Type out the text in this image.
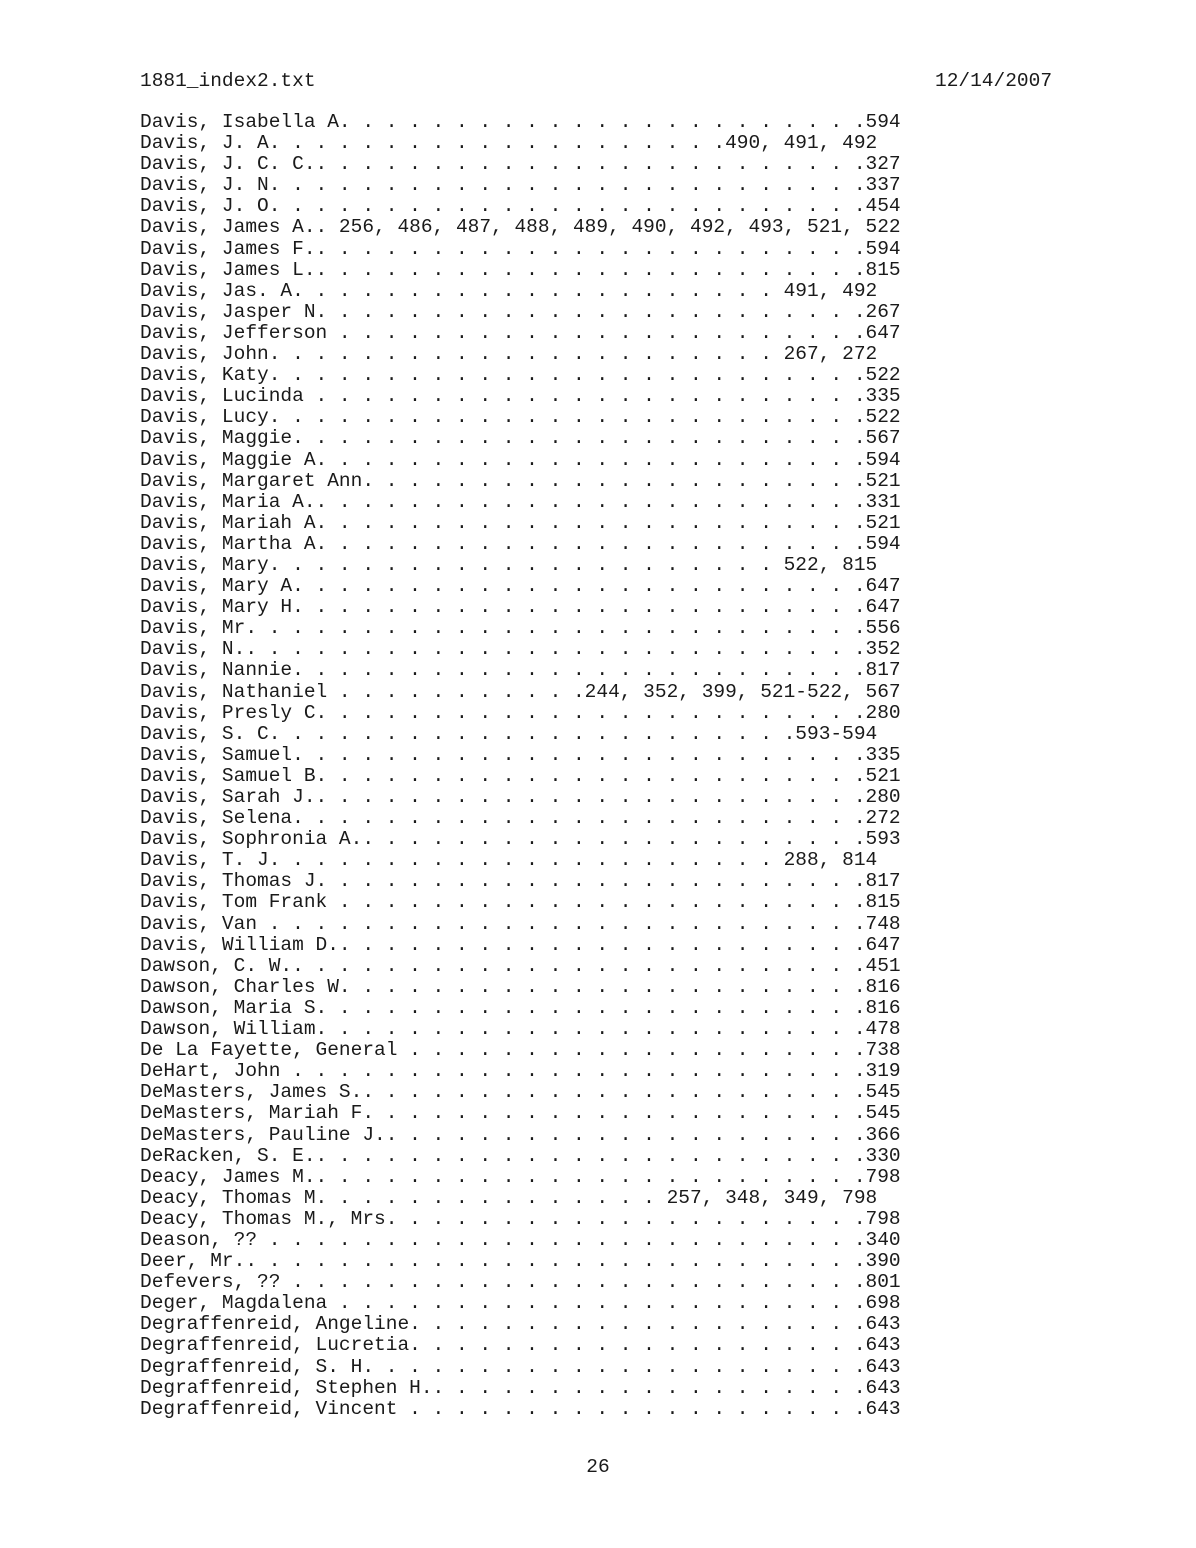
1881_index2.txt	12/14/2007
Davis, Isabella A. . . . . . . . . . . . . . . . . . . . . . .594
Davis, J. A. . . . . . . . . . . . . . . . . . . .490, 491, 492
Davis, J. C. C.. . . . . . . . . . . . . . . . . . . . . . . .327
Davis, J. N. . . . . . . . . . . . . . . . . . . . . . . . . .337
Davis, J. O. . . . . . . . . . . . . . . . . . . . . . . . . .454
Davis, James A.. 256, 486, 487, 488, 489, 490, 492, 493, 521, 522
Davis, James F.. . . . . . . . . . . . . . . . . . . . . . . .594
Davis, James L.. . . . . . . . . . . . . . . . . . . . . . . .815
Davis, Jas. A. . . . . . . . . . . . . . . . . . . . . 491, 492
Davis, Jasper N. . . . . . . . . . . . . . . . . . . . . . . .267
Davis, Jefferson . . . . . . . . . . . . . . . . . . . . . . .647
Davis, John. . . . . . . . . . . . . . . . . . . . . . 267, 272
Davis, Katy. . . . . . . . . . . . . . . . . . . . . . . . . .522
Davis, Lucinda . . . . . . . . . . . . . . . . . . . . . . . .335
Davis, Lucy. . . . . . . . . . . . . . . . . . . . . . . . . .522
Davis, Maggie. . . . . . . . . . . . . . . . . . . . . . . . .567
Davis, Maggie A. . . . . . . . . . . . . . . . . . . . . . . .594
Davis, Margaret Ann. . . . . . . . . . . . . . . . . . . . . .521
Davis, Maria A.. . . . . . . . . . . . . . . . . . . . . . . .331
Davis, Mariah A. . . . . . . . . . . . . . . . . . . . . . . .521
Davis, Martha A. . . . . . . . . . . . . . . . . . . . . . . .594
Davis, Mary. . . . . . . . . . . . . . . . . . . . . . 522, 815
Davis, Mary A. . . . . . . . . . . . . . . . . . . . . . . . .647
Davis, Mary H. . . . . . . . . . . . . . . . . . . . . . . . .647
Davis, Mr. . . . . . . . . . . . . . . . . . . . . . . . . . .556
Davis, N.. . . . . . . . . . . . . . . . . . . . . . . . . . .352
Davis, Nannie. . . . . . . . . . . . . . . . . . . . . . . . .817
Davis, Nathaniel . . . . . . . . . . .244, 352, 399, 521-522, 567
Davis, Presly C. . . . . . . . . . . . . . . . . . . . . . . .280
Davis, S. C. . . . . . . . . . . . . . . . . . . . . . .593-594
Davis, Samuel. . . . . . . . . . . . . . . . . . . . . . . . .335
Davis, Samuel B. . . . . . . . . . . . . . . . . . . . . . . .521
Davis, Sarah J.. . . . . . . . . . . . . . . . . . . . . . . .280
Davis, Selena. . . . . . . . . . . . . . . . . . . . . . . . .272
Davis, Sophronia A.. . . . . . . . . . . . . . . . . . . . . .593
Davis, T. J. . . . . . . . . . . . . . . . . . . . . . 288, 814
Davis, Thomas J. . . . . . . . . . . . . . . . . . . . . . . .817
Davis, Tom Frank . . . . . . . . . . . . . . . . . . . . . . .815
Davis, Van . . . . . . . . . . . . . . . . . . . . . . . . . .748
Davis, William D.. . . . . . . . . . . . . . . . . . . . . . .647
Dawson, C. W.. . . . . . . . . . . . . . . . . . . . . . . . .451
Dawson, Charles W. . . . . . . . . . . . . . . . . . . . . . .816
Dawson, Maria S. . . . . . . . . . . . . . . . . . . . . . . .816
Dawson, William. . . . . . . . . . . . . . . . . . . . . . . .478
De La Fayette, General . . . . . . . . . . . . . . . . . . . .738
DeHart, John . . . . . . . . . . . . . . . . . . . . . . . . .319
DeMasters, James S.. . . . . . . . . . . . . . . . . . . . . .545
DeMasters, Mariah F. . . . . . . . . . . . . . . . . . . . . .545
DeMasters, Pauline J.. . . . . . . . . . . . . . . . . . . . .366
DeRacken, S. E.. . . . . . . . . . . . . . . . . . . . . . . .330
Deacy, James M.. . . . . . . . . . . . . . . . . . . . . . . .798
Deacy, Thomas M. . . . . . . . . . . . . . . 257, 348, 349, 798
Deacy, Thomas M., Mrs. . . . . . . . . . . . . . . . . . . . .798
Deason, ?? . . . . . . . . . . . . . . . . . . . . . . . . . .340
Deer, Mr.. . . . . . . . . . . . . . . . . . . . . . . . . . .390
Defevers, ?? . . . . . . . . . . . . . . . . . . . . . . . . .801
Deger, Magdalena . . . . . . . . . . . . . . . . . . . . . . .698
Degraffenreid, Angeline. . . . . . . . . . . . . . . . . . . .643
Degraffenreid, Lucretia. . . . . . . . . . . . . . . . . . . .643
Degraffenreid, S. H. . . . . . . . . . . . . . . . . . . . . .643
Degraffenreid, Stephen H.. . . . . . . . . . . . . . . . . . .643
Degraffenreid, Vincent . . . . . . . . . . . . . . . . . . . .643
26
